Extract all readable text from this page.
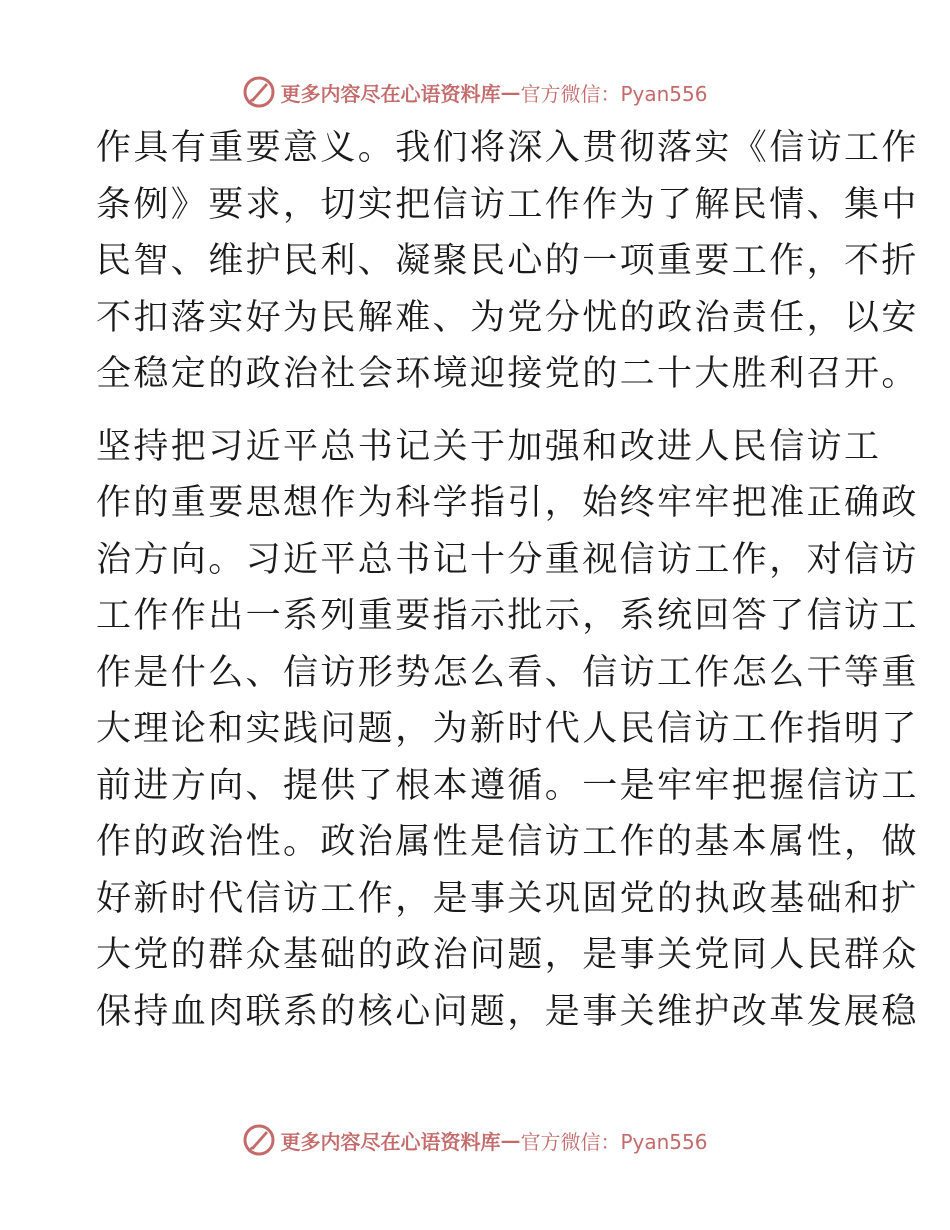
更多内容尽在心语资料库 — 官方微信：Pyan556
作具有重要意义。我们将深入贯彻落实《信访工作
条例》要求，切实把信访工作作为了解民情、集中
民智、维护民利、凝聚民心的一项重要工作，不折
不扣落实好为民解难、为党分忧的政治责任，以安
全稳定的政治社会环境迎接党的二十大胜利召开。
坚持把习近平总书记关于加强和改进人民信访工
作的重要思想作为科学指引，始终牢牢把准正确政
治方向。习近平总书记十分重视信访工作，对信访
工作作出一系列重要指示批示，系统回答了信访工
作是什么、信访形势怎么看、信访工作怎么干等重
大理论和实践问题，为新时代人民信访工作指明了
前进方向、提供了根本遵循。一是牢牢把握信访工
作的政治性。政治属性是信访工作的基本属性，做
好新时代信访工作，是事关巩固党的执政基础和扩
大党的群众基础的政治问题，是事关党同人民群众
保持血肉联系的核心问题，是事关维护改革发展稳
更多内容尽在心语资料库 — 官方微信：Pyan556
